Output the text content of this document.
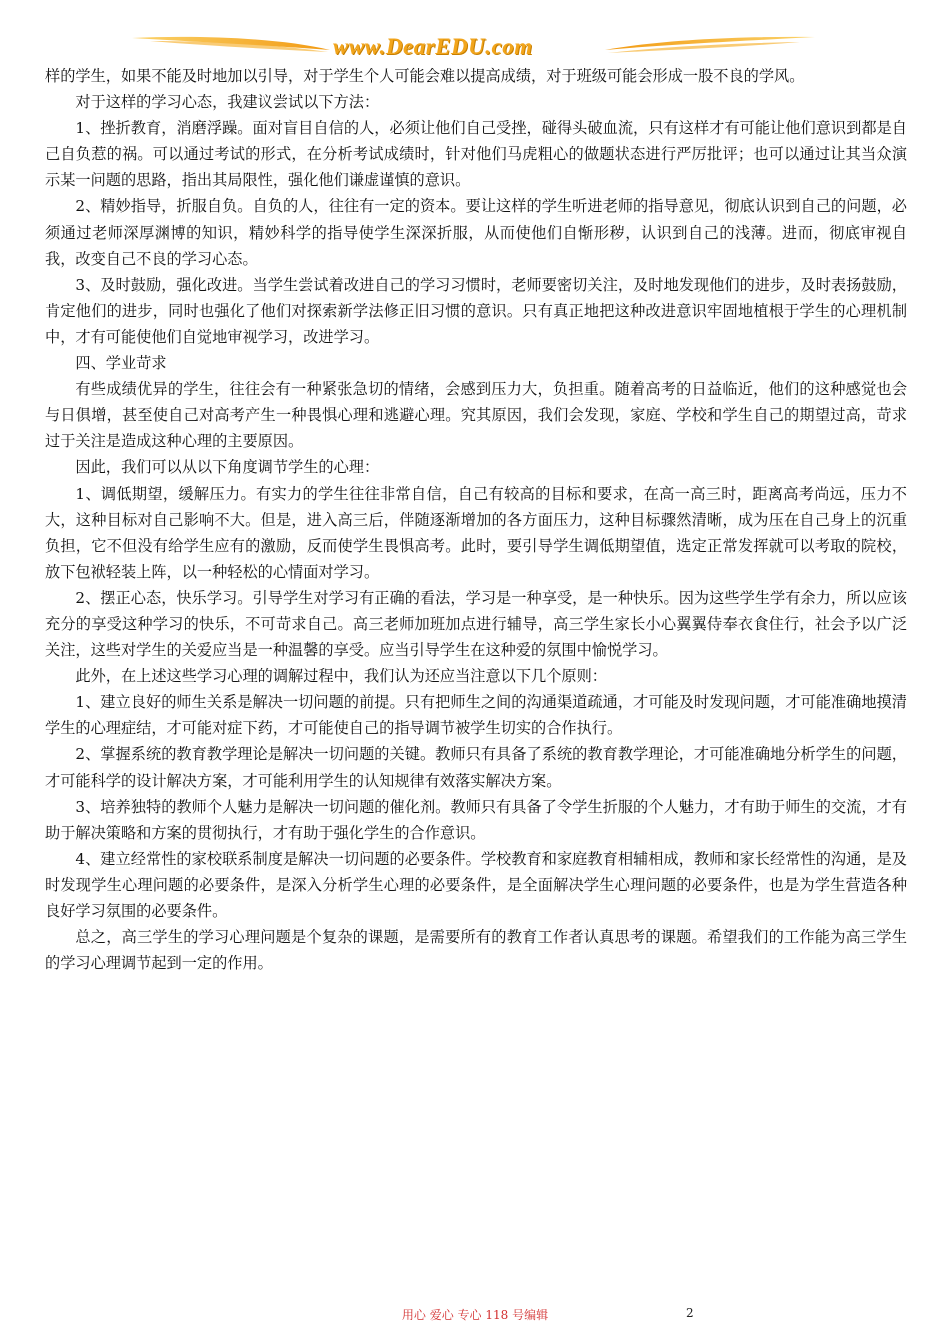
www.DearEDU.com

样的学生，如果不能及时地加以引导，对于学生个人可能会难以提高成绩，对于班级可能会形成一股不良的学风。

对于这样的学习心态，我建议尝试以下方法：

1、挫折教育，消磨浮躁。面对盲目自信的人，必须让他们自己受挫，碰得头破血流，只有这样才有可能让他们意识到都是自己自负惹的祸。可以通过考试的形式，在分析考试成绩时，针对他们马虎粗心的做题状态进行严厉批评；也可以通过让其当众演示某一问题的思路，指出其局限性，强化他们谦虚谨慎的意识。

2、精妙指导，折服自负。自负的人，往往有一定的资本。要让这样的学生听进老师的指导意见，彻底认识到自己的问题，必须通过老师深厚渊博的知识，精妙科学的指导使学生深深折服，从而使他们自惭形秽，认识到自己的浅薄。进而，彻底审视自我，改变自己不良的学习心态。

3、及时鼓励，强化改进。当学生尝试着改进自己的学习习惯时，老师要密切关注，及时地发现他们的进步，及时表扬鼓励，肯定他们的进步，同时也强化了他们对探索新学法修正旧习惯的意识。只有真正地把这种改进意识牢固地植根于学生的心理机制中，才有可能使他们自觉地审视学习，改进学习。

四、学业苛求

有些成绩优异的学生，往往会有一种紧张急切的情绪，会感到压力大，负担重。随着高考的日益临近，他们的这种感觉也会与日俱增，甚至使自己对高考产生一种畏惧心理和逃避心理。究其原因，我们会发现，家庭、学校和学生自己的期望过高，苛求过于关注是造成这种心理的主要原因。

因此，我们可以从以下角度调节学生的心理：

1、调低期望，缓解压力。有实力的学生往往非常自信，自己有较高的目标和要求，在高一高三时，距离高考尚远，压力不大，这种目标对自己影响不大。但是，进入高三后，伴随逐渐增加的各方面压力，这种目标骤然清晰，成为压在自己身上的沉重负担，它不但没有给学生应有的激励，反而使学生畏惧高考。此时，要引导学生调低期望值，选定正常发挥就可以考取的院校，放下包袱轻装上阵，以一种轻松的心情面对学习。

2、摆正心态，快乐学习。引导学生对学习有正确的看法，学习是一种享受，是一种快乐。因为这些学生学有余力，所以应该充分的享受这种学习的快乐，不可苛求自己。高三老师加班加点进行辅导，高三学生家长小心翼翼侍奉衣食住行，社会予以广泛关注，这些对学生的关爱应当是一种温馨的享受。应当引导学生在这种爱的氛围中愉悦学习。

此外，在上述这些学习心理的调解过程中，我们认为还应当注意以下几个原则：

1、建立良好的师生关系是解决一切问题的前提。只有把师生之间的沟通渠道疏通，才可能及时发现问题，才可能准确地摸清学生的心理症结，才可能对症下药，才可能使自己的指导调节被学生切实的合作执行。

2、掌握系统的教育教学理论是解决一切问题的关键。教师只有具备了系统的教育教学理论，才可能准确地分析学生的问题，才可能科学的设计解决方案，才可能利用学生的认知规律有效落实解决方案。

3、培养独特的教师个人魅力是解决一切问题的催化剂。教师只有具备了令学生折服的个人魅力，才有助于师生的交流，才有助于解决策略和方案的贯彻执行，才有助于强化学生的合作意识。

4、建立经常性的家校联系制度是解决一切问题的必要条件。学校教育和家庭教育相辅相成，教师和家长经常性的沟通，是及时发现学生心理问题的必要条件，是深入分析学生心理的必要条件，是全面解决学生心理问题的必要条件，也是为学生营造各种良好学习氛围的必要条件。

总之，高三学生的学习心理问题是个复杂的课题，是需要所有的教育工作者认真思考的课题。希望我们的工作能为高三学生的学习心理调节起到一定的作用。

用心 爱心 专心 118 号编辑	2
